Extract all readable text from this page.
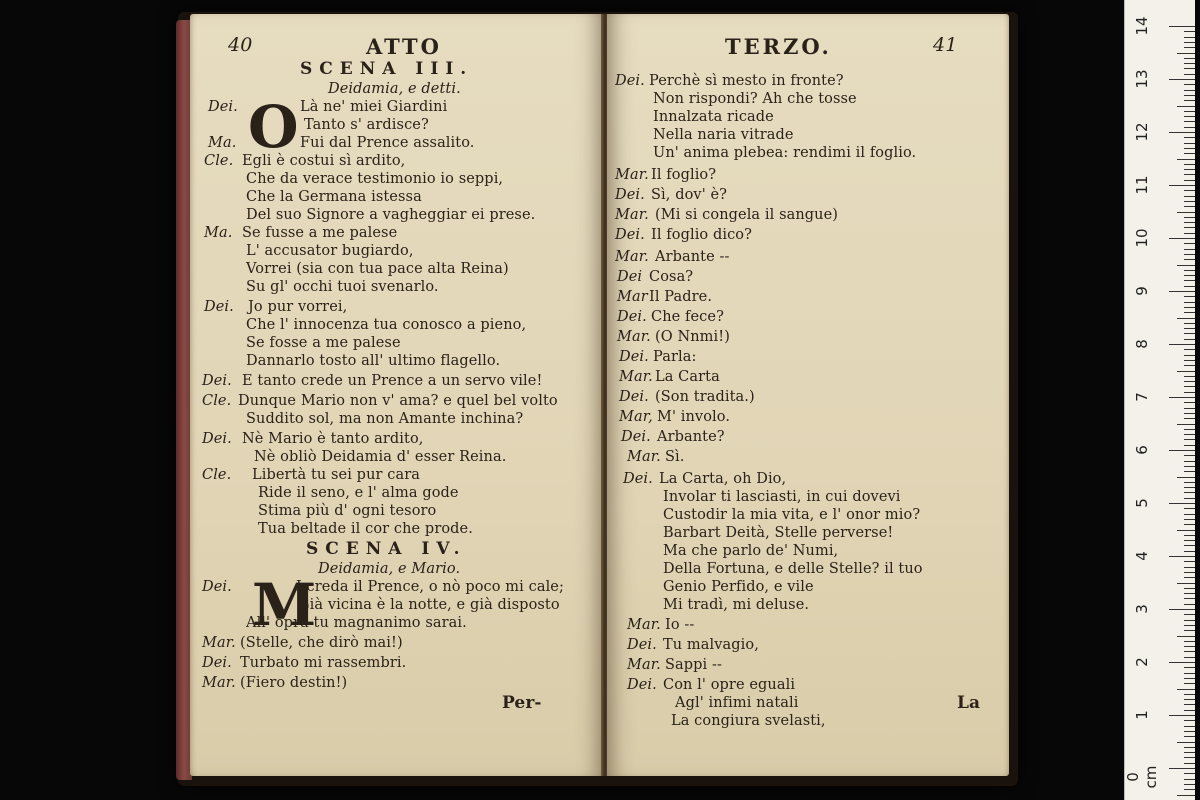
40	ATTO
SCENA III.
Deidamia, e detti.
O
Dei.	Là ne' miei Giardini
Tanto s' ardisce?
Ma.	Fui dal Prence assalito.
Cle. Egli è costui sì ardito,
Che da verace testimonio io seppi,
Che la Germana istessa
Del suo Signore a vagheggiar ei prese.
Ma. Se fusse a me palese
L' accusator bugiardo,
Vorrei (sia con tua pace alta Reina)
Su gl' occhi tuoi svenarlo.
Dei. Jo pur vorrei,
Che l' innocenza tua conosco a pieno,
Se fosse a me palese
Dannarlo tosto all' ultimo flagello.
Dei. E tanto crede un Prence a un servo vile!
Cle. Dunque Mario non v' ama? e quel bel volto
Suddito sol, ma non Amante inchina?
Dei. Nè Mario è tanto ardito,
Nè obliò Deidamia d' esser Reina.
Cle. Libertà tu sei pur cara
Ride il seno, e l' alma gode
Stima più d' ogni tesoro
Tua beltade il cor che prode.
SCENA IV.
Deidamia, e Mario.
M
Dei.	I creda il Prence, o nò poco mi cale;
Già vicina è la notte, e già disposto
All' opra tu magnanimo sarai.
Mar. (Stelle, che dirò mai!)
Dei. Turbato mi rassembri.
Mar. (Fiero destin!)
Per-
TERZO.	41
Dei. Perchè sì mesto in fronte?
Non rispondi? Ah che tosse
Innalzata ricade
Nella naria vitrade
Un' anima plebea: rendimi il foglio.
Mar. Il foglio?
Dei. Sì, dov' è?
Mar. (Mi si congela il sangue)
Dei. Il foglio dico?
Mar. Arbante --
Dei Cosa?
Mar Il Padre.
Dei. Che fece?
Mar. (O Nnmi!)
Dei. Parla:
Mar. La Carta
Dei. (Son tradita.)
Mar, M' involo.
Dei. Arbante?
Mar. Sì.
Dei. La Carta, oh Dio,
Involar ti lasciasti, in cui dovevi
Custodir la mia vita, e l' onor mio?
Barbart Deità, Stelle perverse!
Ma che parlo de' Numi,
Della Fortuna, e delle Stelle? il tuo
Genio Perfido, e vile
Mi tradì, mi deluse.
Mar. Io --
Dei. Tu malvagio,
Mar. Sappi --
Dei. Con l' opre eguali
Agl' infimi natali
La congiura svelasti,
La
14
13
12
11
10
9
8
7
6
5
4
3
2
1
0 cm
